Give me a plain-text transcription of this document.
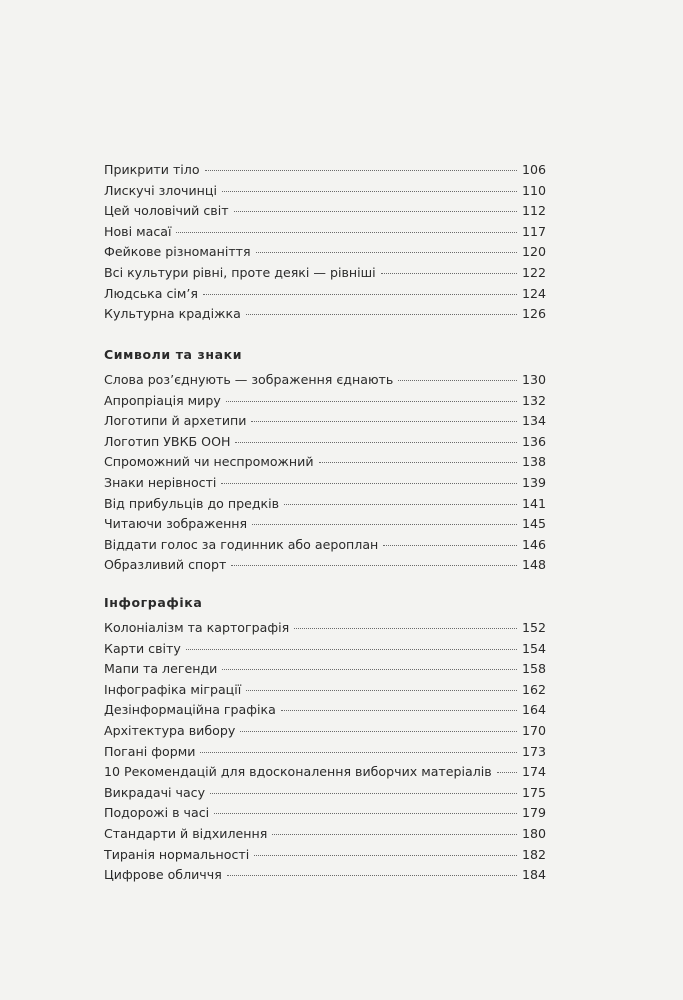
Прикрити тіло	106
Лискучі злочинці	110
Цей чоловічий світ	112
Нові масаї	117
Фейкове різноманіття	120
Всі культури рівні, проте деякі — рівніші	122
Людська сім’я	124
Культурна крадіжка	126
Символи та знаки
Слова роз’єднують — зображення єднають	130
Апропріація миру	132
Логотипи й архетипи	134
Логотип УВКБ ООН	136
Спроможний чи неспроможний	138
Знаки нерівності	139
Від прибульців до предків	141
Читаючи зображення	145
Віддати голос за годинник або аероплан	146
Образливий спорт	148
Інфографіка
Колоніалізм та картографія	152
Карти світу	154
Мапи та легенди	158
Інфографіка міграції	162
Дезінформаційна графіка	164
Архітектура вибору	170
Погані форми	173
10 Рекомендацій для вдосконалення виборчих матеріалів 174
Викрадачі часу	175
Подорожі в часі	179
Стандарти й відхилення	180
Тиранія нормальності	182
Цифрове обличчя	184
